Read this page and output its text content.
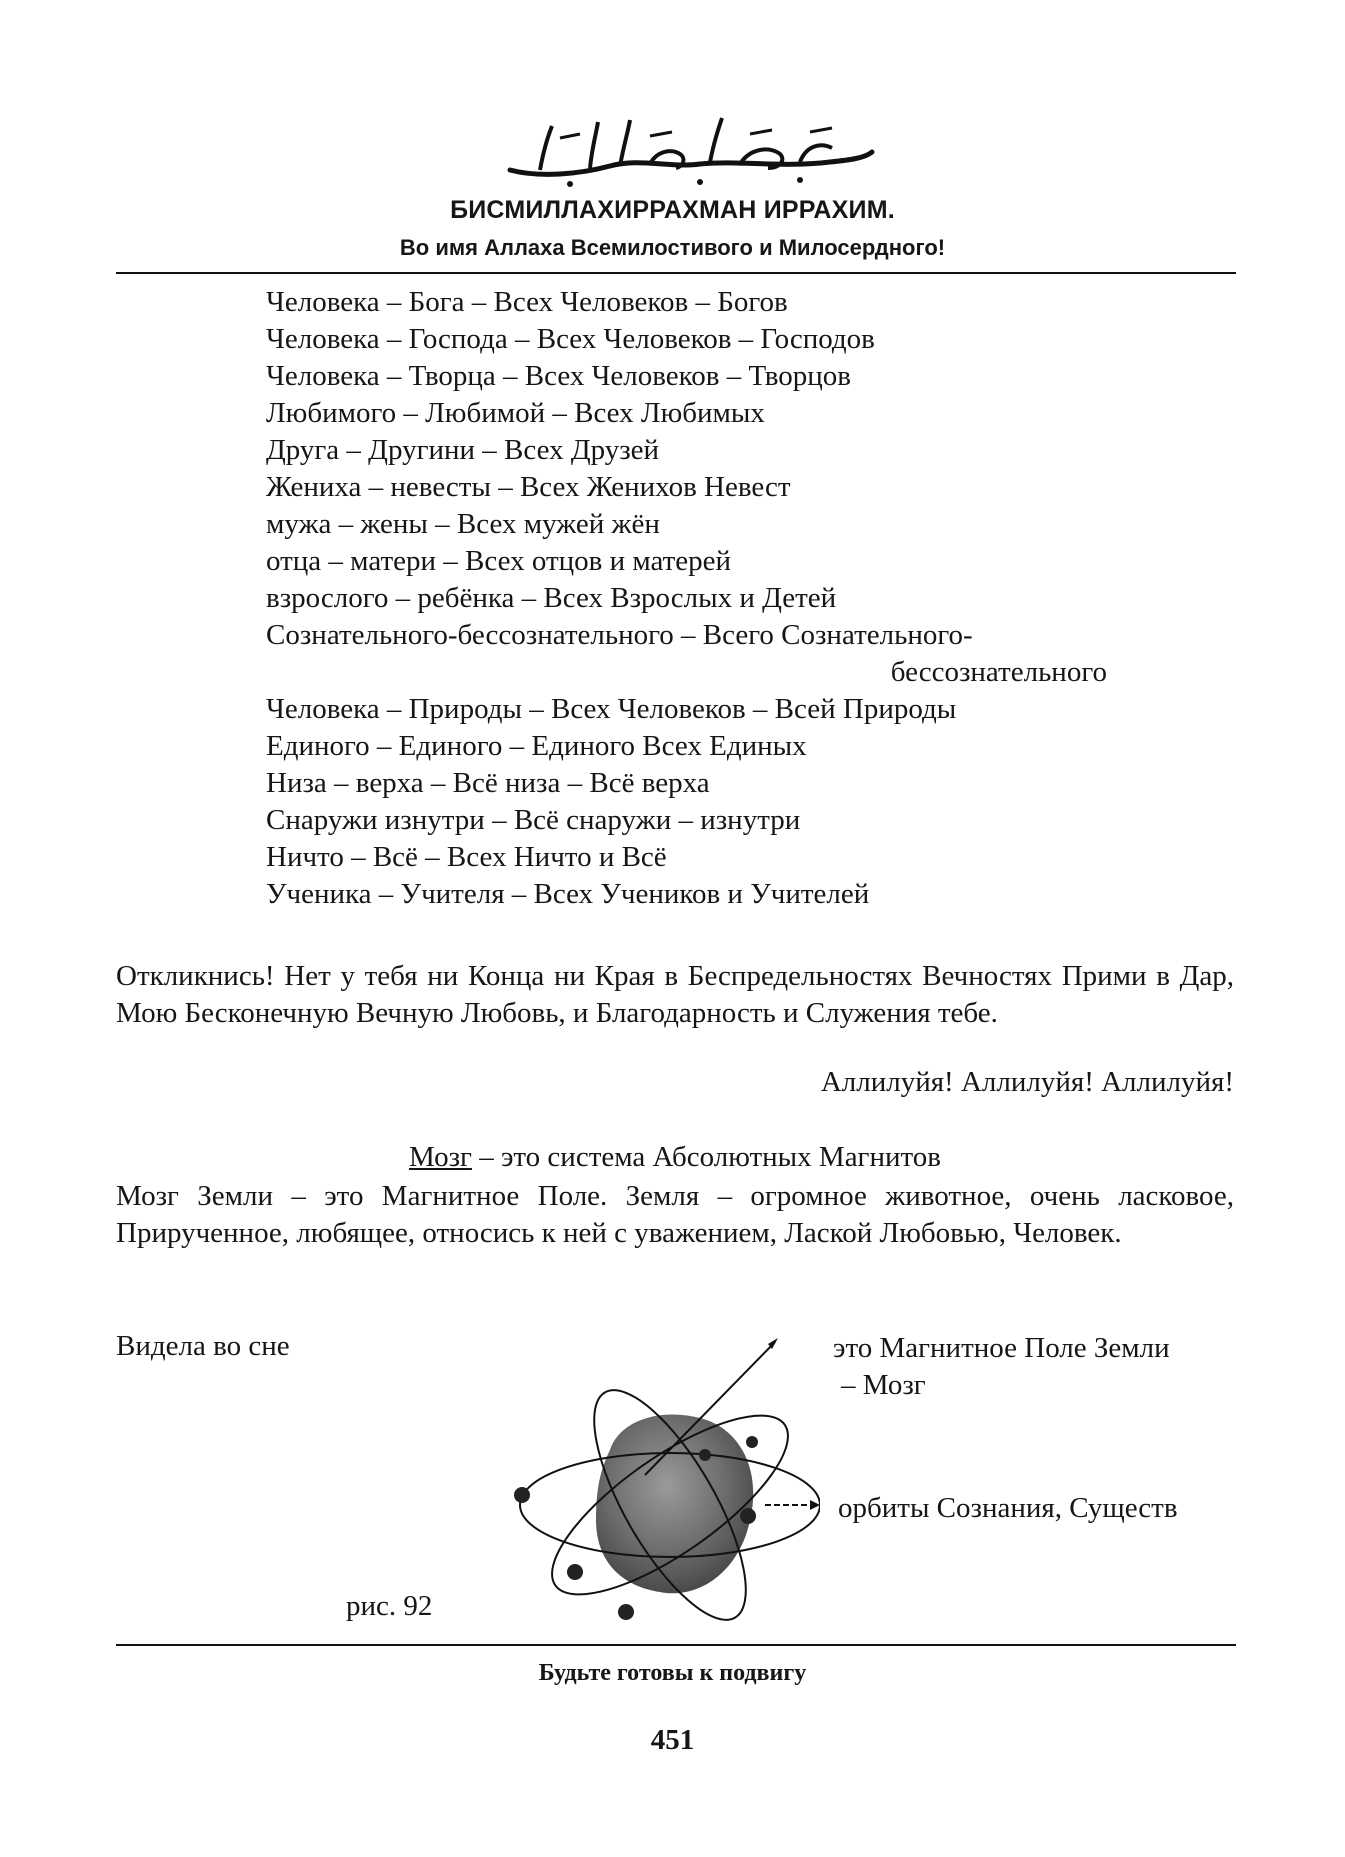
БИСМИЛЛАХИРРАХМАН ИРРАХИМ.
Во имя Аллаха Всемилостивого и Милосердного!
Человека – Бога – Всех Человеков – Богов
Человека – Господа – Всех Человеков – Господов
Человека – Творца – Всех Человеков – Творцов
Любимого – Любимой – Всех Любимых
Друга – Другини – Всех Друзей
Жениха – невесты – Всех Женихов Невест
мужа – жены – Всех мужей жён
отца – матери – Всех отцов и матерей
взрослого – ребёнка – Всех Взрослых и Детей
Сознательного-бессознательного – Всего Сознательного-
бессознательного
Человека – Природы – Всех Человеков – Всей Природы
Единого – Единого – Единого Всех Единых
Низа – верха – Всё низа – Всё верха
Снаружи изнутри – Всё снаружи – изнутри
Ничто – Всё – Всех Ничто и Всё
Ученика – Учителя – Всех Учеников и Учителей
Откликнись! Нет у тебя ни Конца ни Края в Беспредельностях Вечностях Прими в Дар, Мою Бесконечную Вечную Любовь, и Благодарность и Служения тебе.
Аллилуйя! Аллилуйя! Аллилуйя!
Мозг – это система Абсолютных Магнитов
Мозг Земли – это Магнитное Поле. Земля – огромное животное, очень ласковое, Прирученное, любящее, относись к ней с уважением, Лаской Любовью, Человек.
Видела во сне	это Магнитное Поле Земли
– Мозг
орбиты Сознания, Существ
рис. 92
Будьте готовы к подвигу
451
